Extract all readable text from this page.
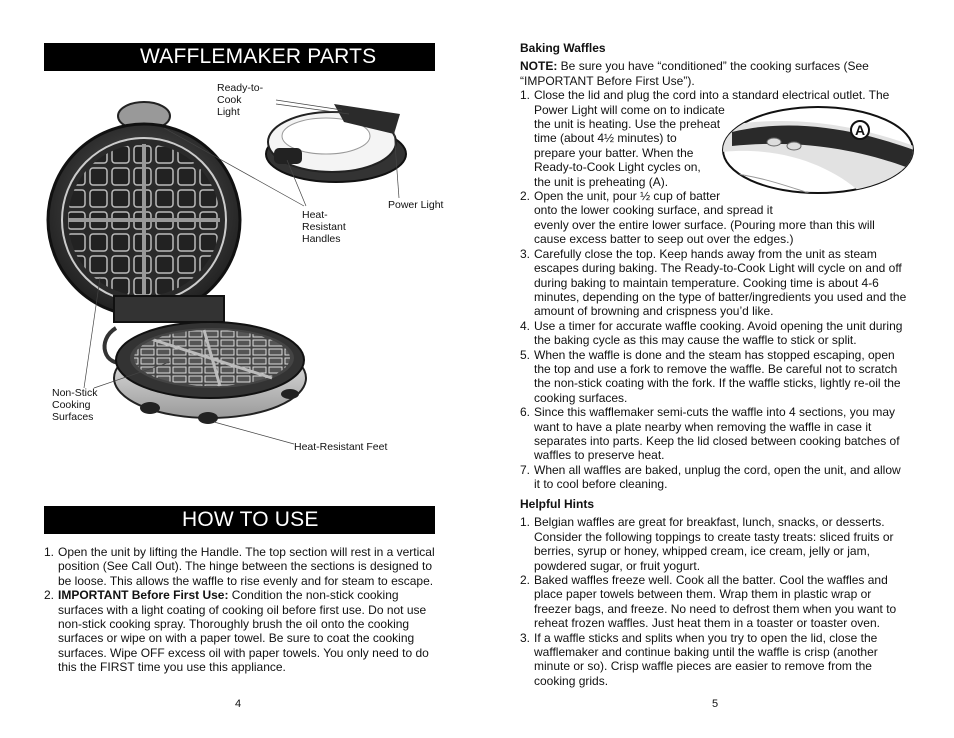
WAFFLEMAKER PARTS
Ready-to-
Cook
Light
Power Light
Heat-
Resistant
Handles
Non-Stick
Cooking
Surfaces
Heat-Resistant Feet
HOW TO USE
1. Open the unit by lifting the Handle. The top section will rest in a vertical position (See Call Out). The hinge between the sections is designed to be loose. This allows the waffle to rise evenly and for steam to escape.
2. IMPORTANT Before First Use: Condition the non-stick cooking surfaces with a light coating of cooking oil before first use. Do not use non-stick cooking spray. Thoroughly brush the oil onto the cooking surfaces or wipe on with a paper towel. Be sure to coat the cooking surfaces. Wipe OFF excess oil with paper towels. You only need to do this the FIRST time you use this appliance.
4
Baking Waffles
NOTE: Be sure you have “conditioned” the cooking surfaces (See “IMPORTANT Before First Use”).
1. Close the lid and plug the cord into a standard electrical outlet. The
Power Light will come on to indicate
the unit is heating. Use the preheat
time (about 4½ minutes) to
prepare your batter. When the
Ready-to-Cook Light cycles on,
the unit is preheating (A).
2. Open the unit, pour ½ cup of batter
onto the lower cooking surface, and spread it
evenly over the entire lower surface. (Pouring more than this will cause excess batter to seep out over the edges.)
3. Carefully close the top. Keep hands away from the unit as steam escapes during baking. The Ready-to-Cook Light will cycle on and off during baking to maintain temperature. Cooking time is about 4-6 minutes, depending on the type of batter/ingredients you used and the amount of browning and crispness you’d like.
4. Use a timer for accurate waffle cooking. Avoid opening the unit during the baking cycle as this may cause the waffle to stick or split.
5. When the waffle is done and the steam has stopped escaping, open the top and use a fork to remove the waffle. Be careful not to scratch the non-stick coating with the fork. If the waffle sticks, lightly re-oil the cooking surfaces.
6. Since this wafflemaker semi-cuts the waffle into 4 sections, you may want to have a plate nearby when removing the waffle in case it separates into parts. Keep the lid closed between cooking batches of waffles to preserve heat.
7. When all waffles are baked, unplug the cord, open the unit, and allow it to cool before cleaning.
A
Helpful Hints
1. Belgian waffles are great for breakfast, lunch, snacks, or desserts. Consider the following toppings to create tasty treats: sliced fruits or berries, syrup or honey, whipped cream, ice cream, jelly or jam, powdered sugar, or fruit yogurt.
2. Baked waffles freeze well. Cook all the batter. Cool the waffles and place paper towels between them. Wrap them in plastic wrap or freezer bags, and freeze. No need to defrost them when you want to reheat frozen waffles. Just heat them in a toaster or toaster oven.
3. If a waffle sticks and splits when you try to open the lid, close the wafflemaker and continue baking until the waffle is crisp (another minute or so). Crisp waffle pieces are easier to remove from the cooking grids.
5
